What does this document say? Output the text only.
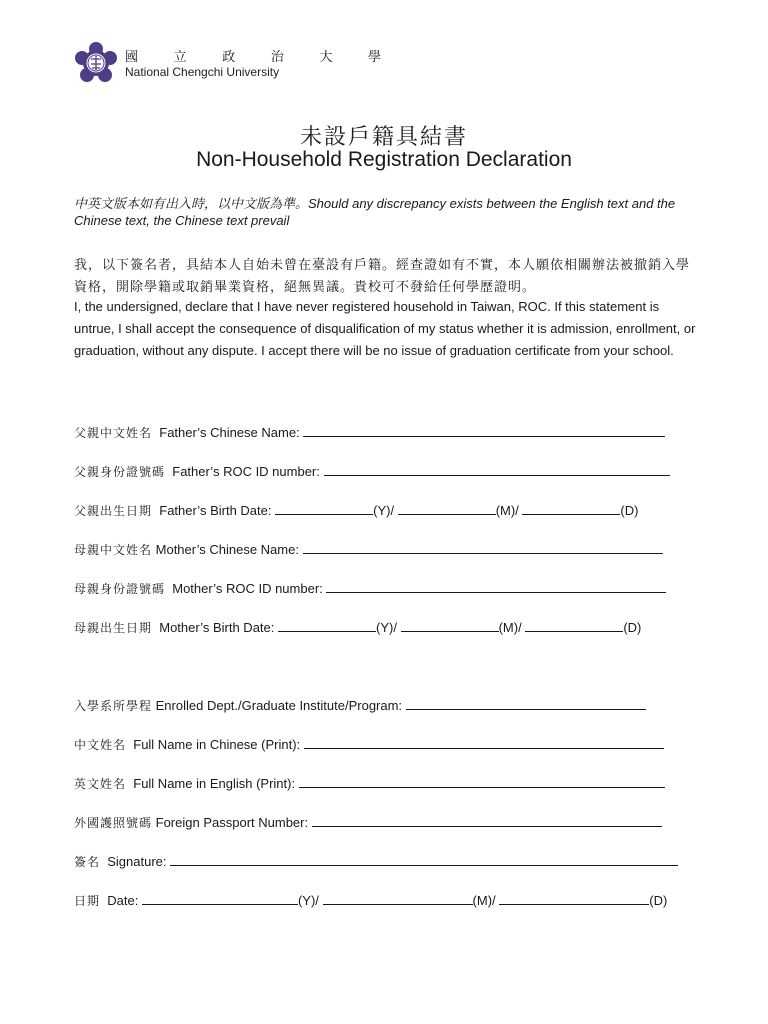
國 立 政 治 大 學
National Chengchi University
未設戶籍具結書
Non-Household Registration Declaration
中英文版本如有出入時，以中文版為準。Should any discrepancy exists between the English text and the Chinese text, the Chinese text prevail
我，以下簽名者，具結本人自始未曾在臺設有戶籍。經查證如有不實，本人願依相關辦法被撤銷入學資格，開除學籍或取銷畢業資格，絕無異議。貴校可不發給任何學歷證明。
I, the undersigned, declare that I have never registered household in Taiwan, ROC. If this statement is untrue, I shall accept the consequence of disqualification of my status whether it is admission, enrollment, or graduation, without any dispute. I accept there will be no issue of graduation certificate from your school.
父親中文姓名 Father’s Chinese Name:
父親身份證號碼 Father’s ROC ID number:
父親出生日期 Father’s Birth Date:	(Y)/	(M)/	(D)
母親中文姓名 Mother’s Chinese Name:
母親身份證號碼 Mother’s ROC ID number:
母親出生日期 Mother’s Birth Date:	(Y)/	(M)/	(D)
入學系所學程 Enrolled Dept./Graduate Institute/Program:
中文姓名 Full Name in Chinese (Print):
英文姓名 Full Name in English (Print):
外國護照號碼 Foreign Passport Number:
簽名 Signature:
日期 Date:	(Y)/	(M)/	(D)
